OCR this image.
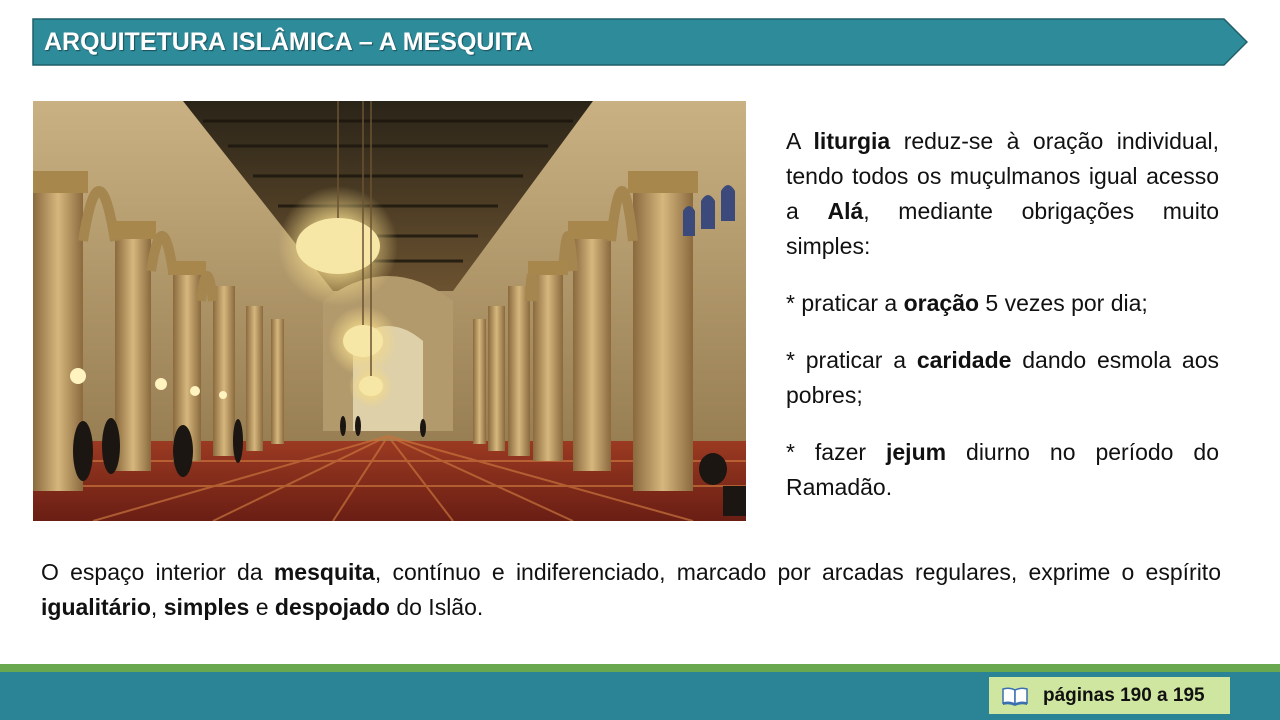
ARQUITETURA ISLÂMICA – A MESQUITA

A liturgia reduz-se à oração individual, tendo todos os muçulmanos igual acesso a Alá, mediante obrigações muito simples:

* praticar a oração 5 vezes por dia;

* praticar a caridade dando esmola aos pobres;

* fazer jejum diurno no período do Ramadão.

O espaço interior da mesquita, contínuo e indiferenciado, marcado por arcadas regulares, exprime o espírito igualitário, simples e despojado do Islão.
páginas 190 a 195
